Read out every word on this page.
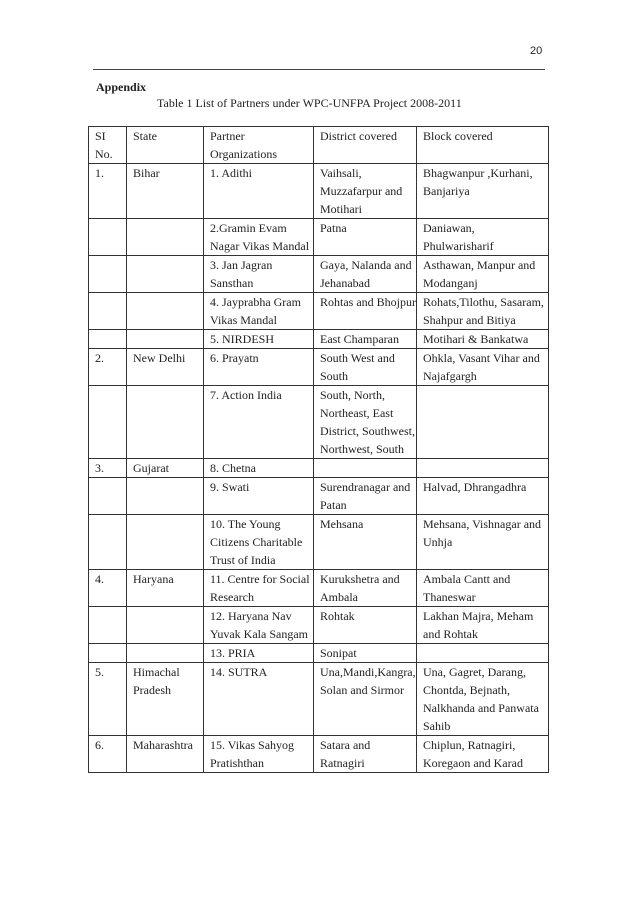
20
Appendix
Table 1 List of Partners under WPC-UNFPA Project 2008-2011
SI No.	State	Partner Organizations	District covered	Block covered
1.	Bihar	1. Adithi	Vaihsali, Muzzafarpur and Motihari	Bhagwanpur ,Kurhani, Banjariya
		2.Gramin Evam Nagar Vikas Mandal	Patna	Daniawan, Phulwarisharif
		3. Jan Jagran Sansthan	Gaya, Nalanda and Jehanabad	Asthawan, Manpur and Modanganj
		4. Jayprabha Gram Vikas Mandal	Rohtas and Bhojpur	Rohats,Tilothu, Sasaram, Shahpur and Bitiya
		5. NIRDESH	East Champaran	Motihari & Bankatwa
2.	New Delhi	6. Prayatn	South West and South	Ohkla, Vasant Vihar and Najafgargh
		7. Action India	South, North, Northeast, East District, Southwest, Northwest, South	
3.	Gujarat	8. Chetna		
		9. Swati	Surendranagar and Patan	Halvad, Dhrangadhra
		10. The Young Citizens Charitable Trust of India	Mehsana	Mehsana, Vishnagar and Unhja
4.	Haryana	11. Centre for Social Research	Kurukshetra and Ambala	Ambala Cantt and Thaneswar
		12. Haryana Nav Yuvak Kala Sangam	Rohtak	Lakhan Majra, Meham and Rohtak
		13. PRIA	Sonipat	
5.	Himachal Pradesh	14. SUTRA	Una,Mandi,Kangra, Solan and Sirmor	Una, Gagret, Darang, Chontda, Bejnath, Nalkhanda and Panwata Sahib
6.	Maharashtra	15. Vikas Sahyog Pratishthan	Satara and Ratnagiri	Chiplun, Ratnagiri, Koregaon and Karad
